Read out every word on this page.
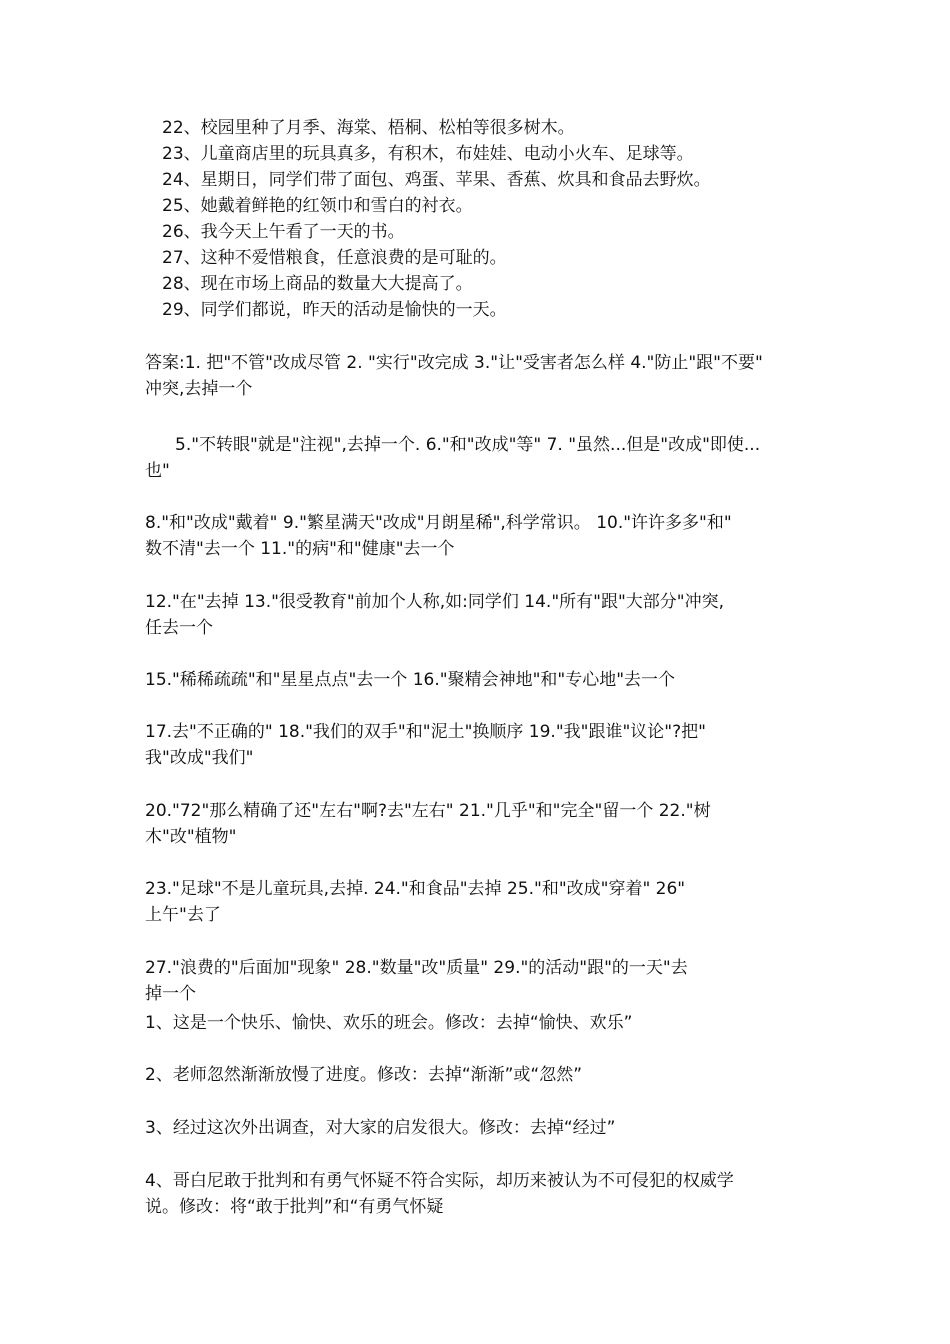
22、校园里种了月季、海棠、梧桐、松柏等很多树木。
23、儿童商店里的玩具真多，有积木，布娃娃、电动小火车、足球等。
24、星期日，同学们带了面包、鸡蛋、苹果、香蕉、炊具和食品去野炊。
25、她戴着鲜艳的红领巾和雪白的衬衣。
26、我今天上午看了一天的书。
27、这种不爱惜粮食，任意浪费的是可耻的。
28、现在市场上商品的数量大大提高了。
29、同学们都说，昨天的活动是愉快的一天。
答案:1. 把"不管"改成尽管 2. "实行"改完成 3."让"受害者怎么样 4."防止"跟"不要"
冲突,去掉一个
5."不转眼"就是"注视",去掉一个. 6."和"改成"等" 7. "虽然...但是"改成"即使...
也"
8."和"改成"戴着" 9."繁星满天"改成"月朗星稀",科学常识。 10."许许多多"和"
数不清"去一个 11."的病"和"健康"去一个
12."在"去掉 13."很受教育"前加个人称,如:同学们 14."所有"跟"大部分"冲突,
任去一个
15."稀稀疏疏"和"星星点点"去一个 16."聚精会神地"和"专心地"去一个
17.去"不正确的" 18."我们的双手"和"泥土"换顺序 19."我"跟谁"议论"?把"
我"改成"我们"
20."72"那么精确了还"左右"啊?去"左右" 21."几乎"和"完全"留一个 22."树
木"改"植物"
23."足球"不是儿童玩具,去掉. 24."和食品"去掉 25."和"改成"穿着" 26"
上午"去了
27."浪费的"后面加"现象" 28."数量"改"质量" 29."的活动"跟"的一天"去
掉一个
1、这是一个快乐、愉快、欢乐的班会。修改：去掉“愉快、欢乐”
2、老师忽然渐渐放慢了进度。修改：去掉“渐渐”或“忽然”
3、经过这次外出调查，对大家的启发很大。修改：去掉“经过”
4、哥白尼敢于批判和有勇气怀疑不符合实际，却历来被认为不可侵犯的权威学
说。修改：将“敢于批判”和“有勇气怀疑
